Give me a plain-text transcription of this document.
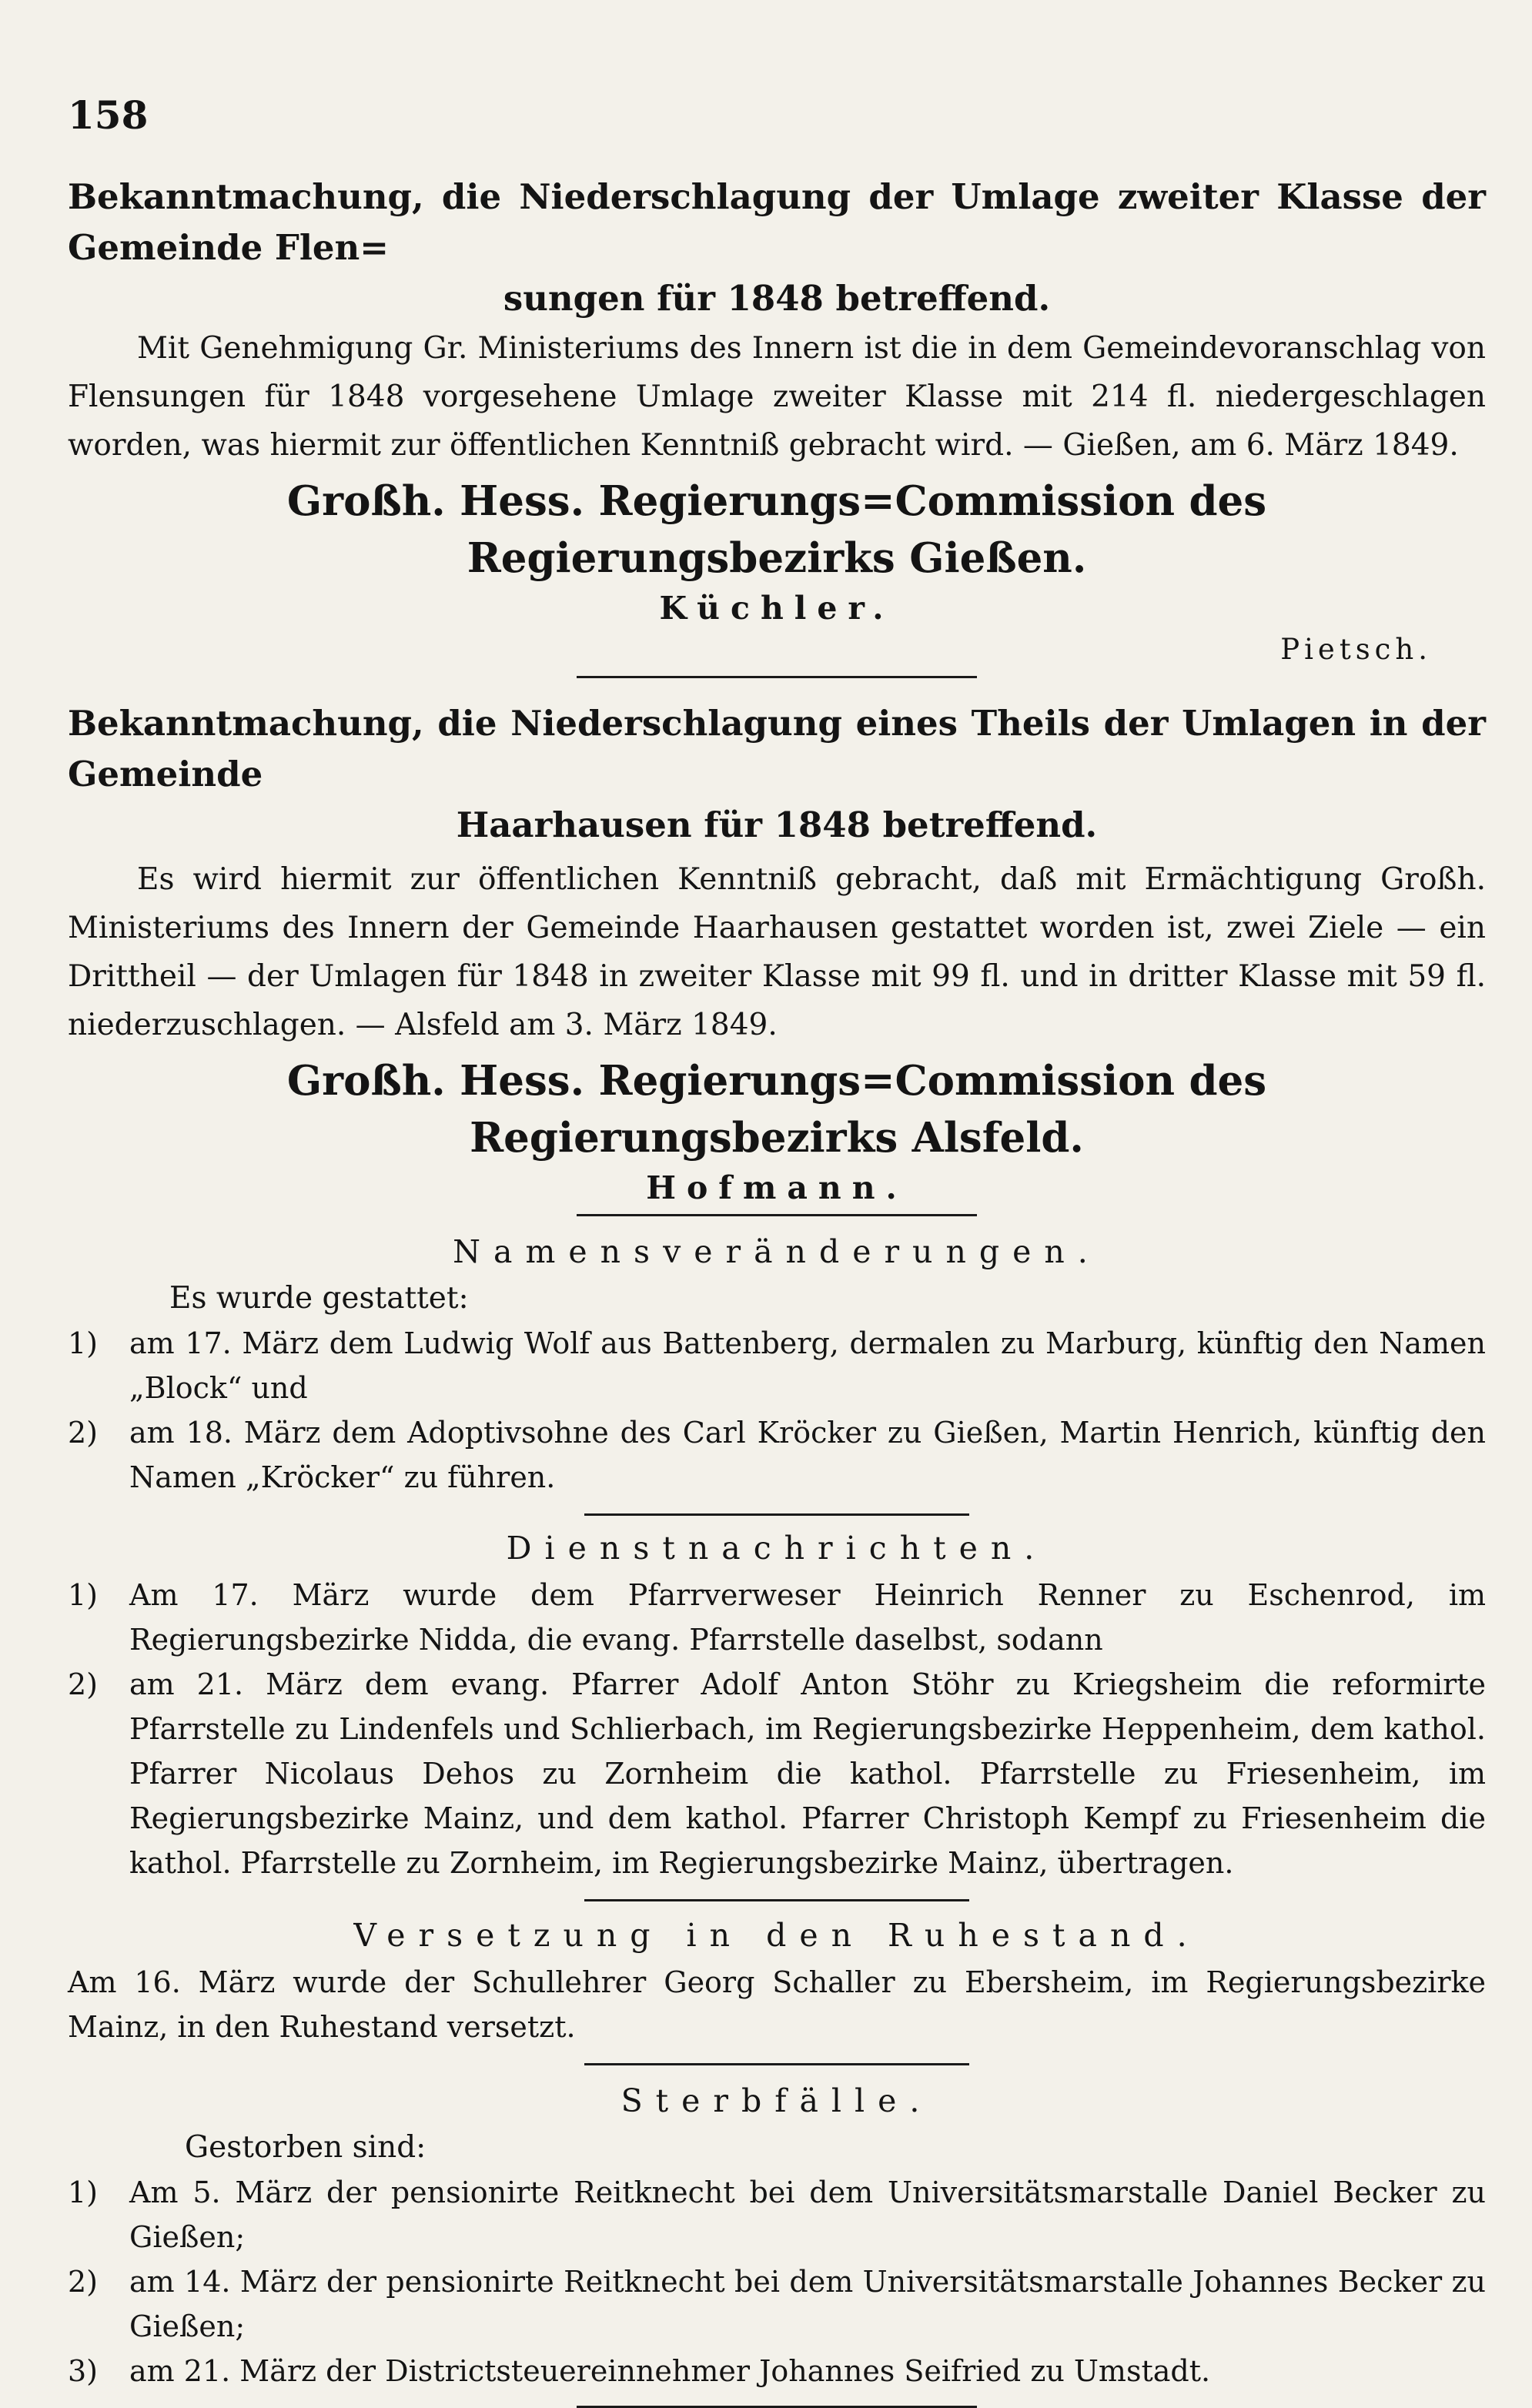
158

Bekanntmachung, die Niederschlagung der Umlage zweiter Klasse der Gemeinde Flen=

sungen für 1848 betreffend.

Mit Genehmigung Gr. Ministeriums des Innern ist die in dem Gemeindevoranschlag von Flensungen für 1848 vorgesehene Umlage zweiter Klasse mit 214 fl. niedergeschlagen worden, was hiermit zur öffentlichen Kenntniß gebracht wird. — Gießen, am 6. März 1849.

Großh. Hess. Regierungs=Commission des Regierungsbezirks Gießen.

Küchler.

Pietsch.

Bekanntmachung, die Niederschlagung eines Theils der Umlagen in der Gemeinde

Haarhausen für 1848 betreffend.

Es wird hiermit zur öffentlichen Kenntniß gebracht, daß mit Ermächtigung Großh. Ministeriums des Innern der Gemeinde Haarhausen gestattet worden ist, zwei Ziele — ein Drittheil — der Umlagen für 1848 in zweiter Klasse mit 99 fl. und in dritter Klasse mit 59 fl. niederzuschlagen. — Alsfeld am 3. März 1849.

Großh. Hess. Regierungs=Commission des Regierungsbezirks Alsfeld.

Hofmann.

Namensveränderungen.

Es wurde gestattet:

1)	am 17. März dem Ludwig Wolf aus Battenberg, dermalen zu Marburg, künftig den Namen „Block“ und
2)	am 18. März dem Adoptivsohne des Carl Kröcker zu Gießen, Martin Henrich, künftig den Namen „Kröcker“ zu führen.

Dienstnachrichten.

1)	Am 17. März wurde dem Pfarrverweser Heinrich Renner zu Eschenrod, im Regierungsbezirke Nidda, die evang. Pfarrstelle daselbst, sodann
2)	am 21. März dem evang. Pfarrer Adolf Anton Stöhr zu Kriegsheim die reformirte Pfarrstelle zu Lindenfels und Schlierbach, im Regierungsbezirke Heppenheim, dem kathol. Pfarrer Nicolaus Dehos zu Zornheim die kathol. Pfarrstelle zu Friesenheim, im Regierungsbezirke Mainz, und dem kathol. Pfarrer Christoph Kempf zu Friesenheim die kathol. Pfarrstelle zu Zornheim, im Regierungsbezirke Mainz, übertragen.

Versetzung in den Ruhestand.

Am 16. März wurde der Schullehrer Georg Schaller zu Ebersheim, im Regierungsbezirke Mainz, in den Ruhestand versetzt.

Sterbfälle.

Gestorben sind:

1)	Am 5. März der pensionirte Reitknecht bei dem Universitätsmarstalle Daniel Becker zu Gießen;
2)	am 14. März der pensionirte Reitknecht bei dem Universitätsmarstalle Johannes Becker zu Gießen;
3)	am 21. März der Districtsteuereinnehmer Johannes Seifried zu Umstadt.
